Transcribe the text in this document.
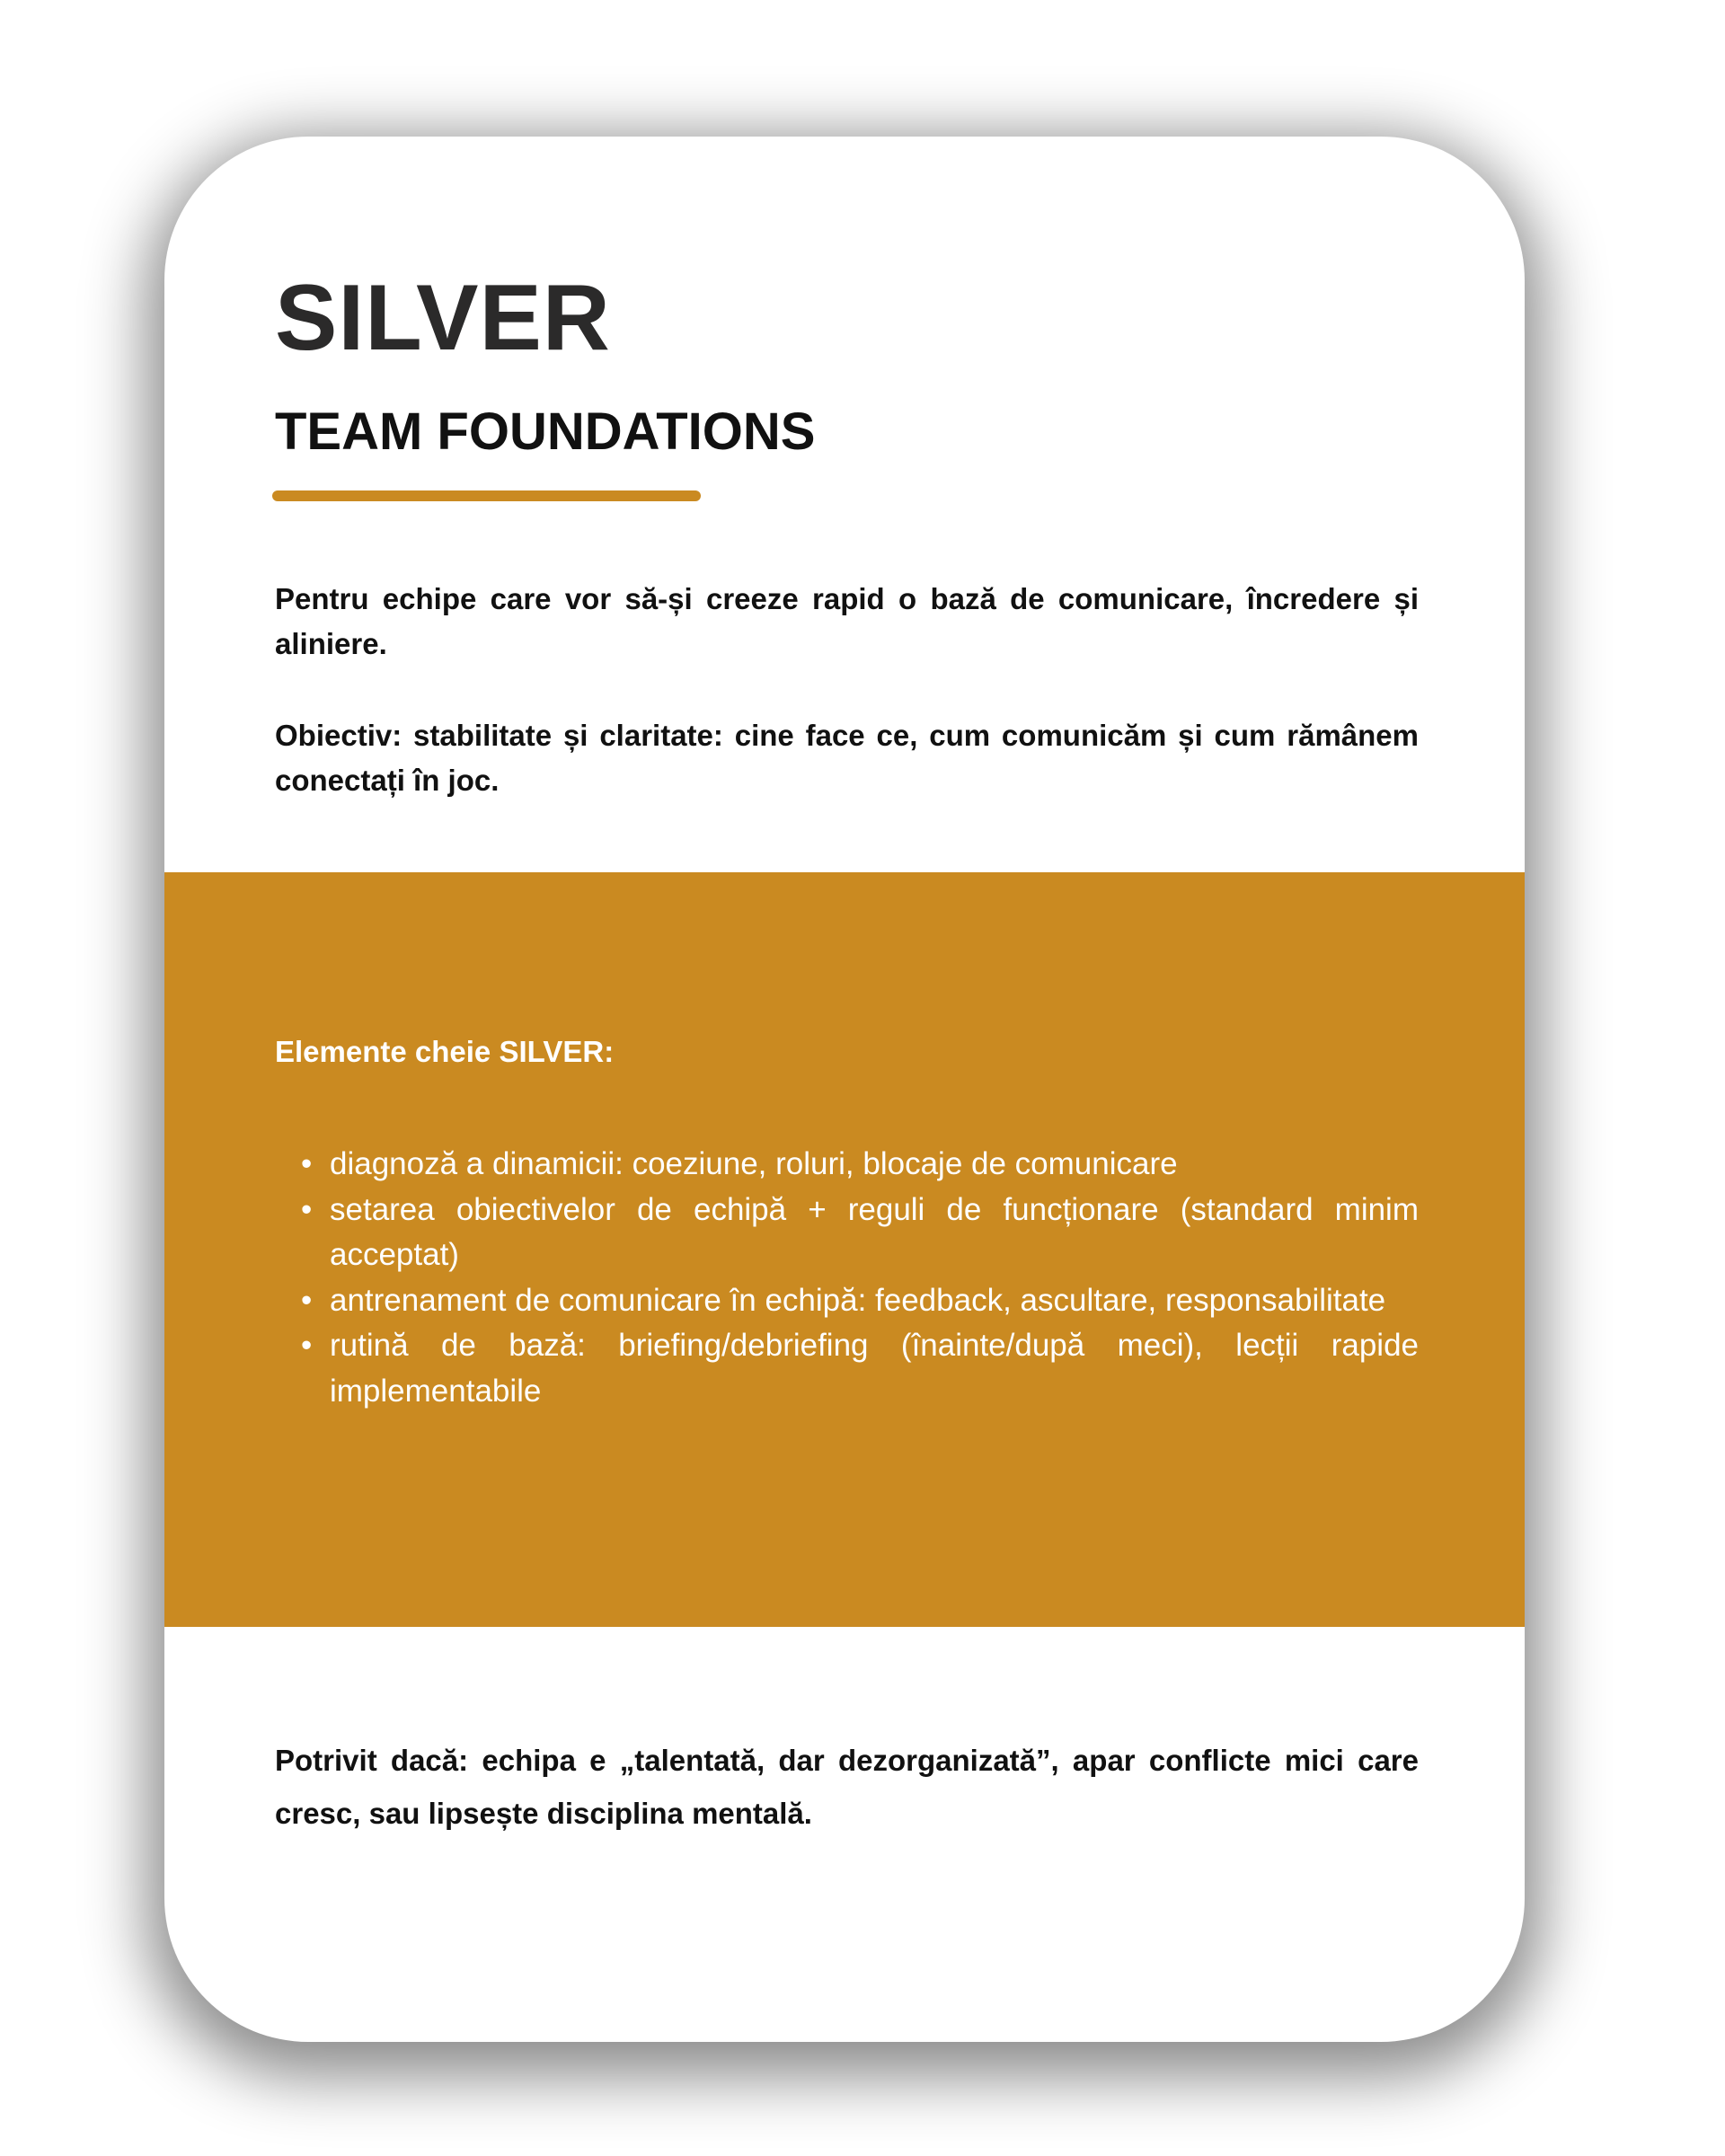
SILVER
TEAM FOUNDATIONS

Pentru echipe care vor să-și creeze rapid o bază de comunicare, încredere și aliniere.

Obiectiv: stabilitate și claritate: cine face ce, cum comunicăm și cum rămânem conectați în joc.

Elemente cheie SILVER:
• diagnoză a dinamicii: coeziune, roluri, blocaje de comunicare
• setarea obiectivelor de echipă + reguli de funcționare (standard minim acceptat)
• antrenament de comunicare în echipă: feedback, ascultare, responsabilitate
• rutină de bază: briefing/debriefing (înainte/după meci), lecții rapide implementabile

Potrivit dacă: echipa e „talentată, dar dezorganizată”, apar conflicte mici care cresc, sau lipsește disciplina mentală.
